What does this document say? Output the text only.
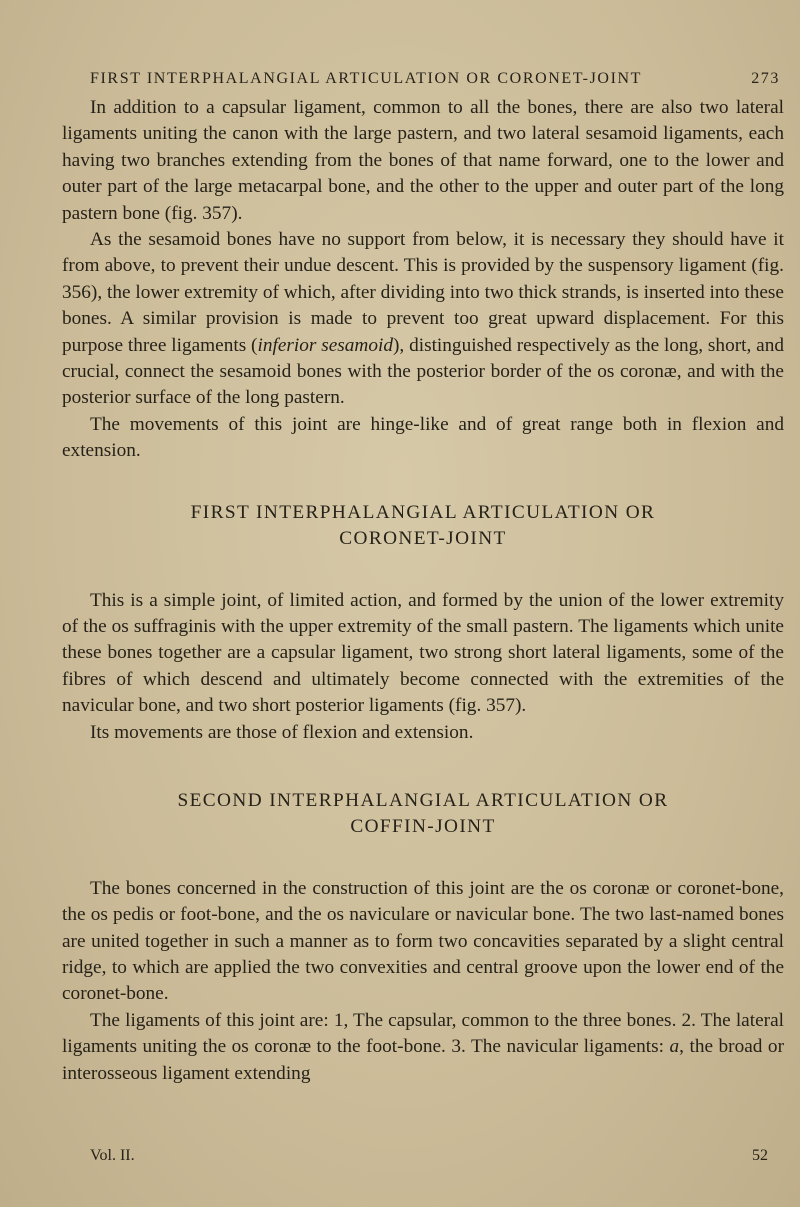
FIRST INTERPHALANGIAL ARTICULATION OR CORONET-JOINT	273

In addition to a capsular ligament, common to all the bones, there are also two lateral ligaments uniting the canon with the large pastern, and two lateral sesamoid ligaments, each having two branches extending from the bones of that name forward, one to the lower and outer part of the large metacarpal bone, and the other to the upper and outer part of the long pastern bone (fig. 357).

As the sesamoid bones have no support from below, it is necessary they should have it from above, to prevent their undue descent. This is provided by the suspensory ligament (fig. 356), the lower extremity of which, after dividing into two thick strands, is inserted into these bones. A similar provision is made to prevent too great upward displacement. For this purpose three ligaments (inferior sesamoid), distinguished respectively as the long, short, and crucial, connect the sesamoid bones with the posterior border of the os coronæ, and with the posterior surface of the long pastern.

The movements of this joint are hinge-like and of great range both in flexion and extension.

FIRST INTERPHALANGIAL ARTICULATION OR
CORONET-JOINT

This is a simple joint, of limited action, and formed by the union of the lower extremity of the os suffraginis with the upper extremity of the small pastern. The ligaments which unite these bones together are a capsular ligament, two strong short lateral ligaments, some of the fibres of which descend and ultimately become connected with the extremities of the navicular bone, and two short posterior ligaments (fig. 357).

Its movements are those of flexion and extension.

SECOND INTERPHALANGIAL ARTICULATION OR
COFFIN-JOINT

The bones concerned in the construction of this joint are the os coronæ or coronet-bone, the os pedis or foot-bone, and the os naviculare or navicular bone. The two last-named bones are united together in such a manner as to form two concavities separated by a slight central ridge, to which are applied the two convexities and central groove upon the lower end of the coronet-bone.

The ligaments of this joint are: 1, The capsular, common to the three bones. 2. The lateral ligaments uniting the os coronæ to the foot-bone. 3. The navicular ligaments: a, the broad or interosseous ligament extending

Vol. II.	52
